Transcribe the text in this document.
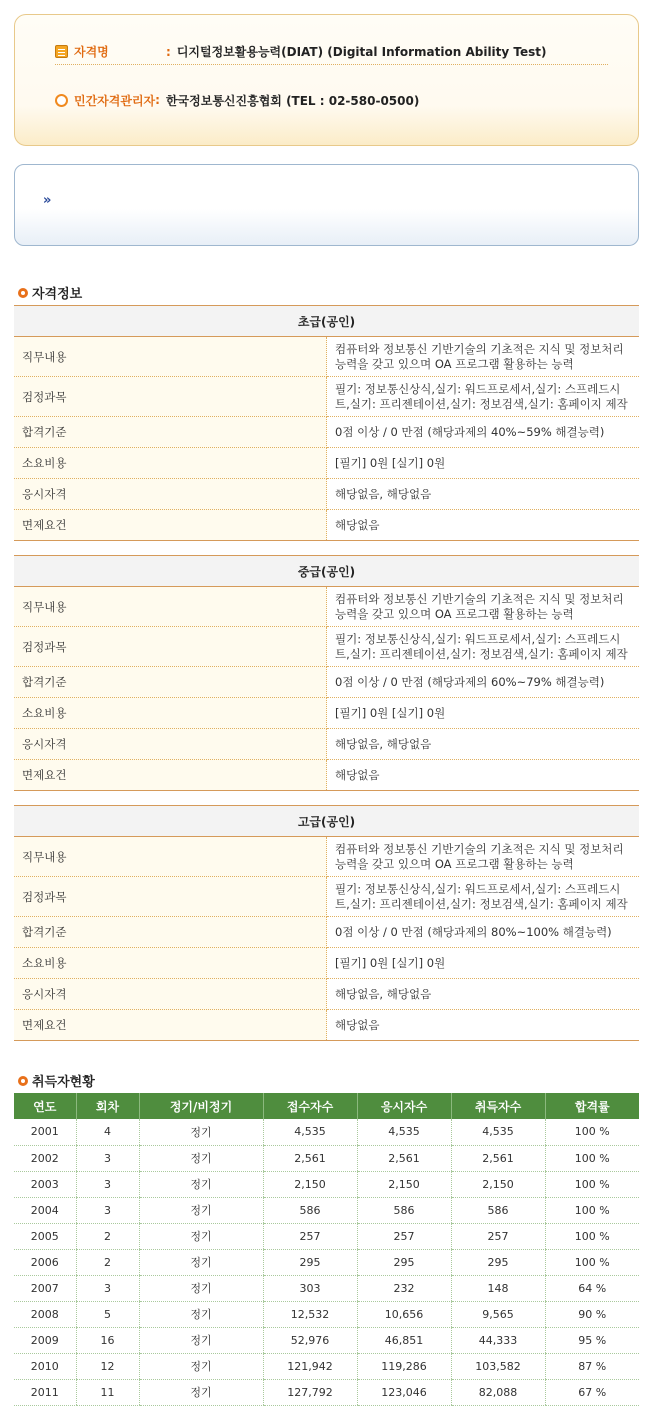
자격명	: 디지털정보활용능력(DIAT) (Digital Information Ability Test)
민간자격관리자 : 한국정보통신진흥협회 (TEL : 02-580-0500)
»
자격정보
초급(공인)	
직무내용	컴퓨터와 정보통신 기반기술의 기초적은 지식 및 정보처리 능력을 갖고 있으며 OA 프로그램 활용하는 능력
검정과목	필기: 정보통신상식,실기: 워드프로세서,실기: 스프레드시트,실기: 프리젠테이션,실기: 정보검색,실기: 홈페이지 제작
합격기준	0점 이상 / 0 만점 (해당과제의 40%~59% 해결능력)
소요비용	[필기] 0원 [실기] 0원
응시자격	해당없음, 해당없음
면제요건	해당없음
중급(공인)	
직무내용	컴퓨터와 정보통신 기반기술의 기초적은 지식 및 정보처리 능력을 갖고 있으며 OA 프로그램 활용하는 능력
검정과목	필기: 정보통신상식,실기: 워드프로세서,실기: 스프레드시트,실기: 프리젠테이션,실기: 정보검색,실기: 홈페이지 제작
합격기준	0점 이상 / 0 만점 (해당과제의 60%~79% 해결능력)
소요비용	[필기] 0원 [실기] 0원
응시자격	해당없음, 해당없음
면제요건	해당없음
고급(공인)	
직무내용	컴퓨터와 정보통신 기반기술의 기초적은 지식 및 정보처리 능력을 갖고 있으며 OA 프로그램 활용하는 능력
검정과목	필기: 정보통신상식,실기: 워드프로세서,실기: 스프레드시트,실기: 프리젠테이션,실기: 정보검색,실기: 홈페이지 제작
합격기준	0점 이상 / 0 만점 (해당과제의 80%~100% 해결능력)
소요비용	[필기] 0원 [실기] 0원
응시자격	해당없음, 해당없음
면제요건	해당없음
취득자현황
연도	회차	정기/비정기	접수자수	응시자수	취득자수	합격률
2001	4	정기	4,535	4,535	4,535	100 %
2002	3	정기	2,561	2,561	2,561	100 %
2003	3	정기	2,150	2,150	2,150	100 %
2004	3	정기	586	586	586	100 %
2005	2	정기	257	257	257	100 %
2006	2	정기	295	295	295	100 %
2007	3	정기	303	232	148	64 %
2008	5	정기	12,532	10,656	9,565	90 %
2009	16	정기	52,976	46,851	44,333	95 %
2010	12	정기	121,942	119,286	103,582	87 %
2011	11	정기	127,792	123,046	82,088	67 %
